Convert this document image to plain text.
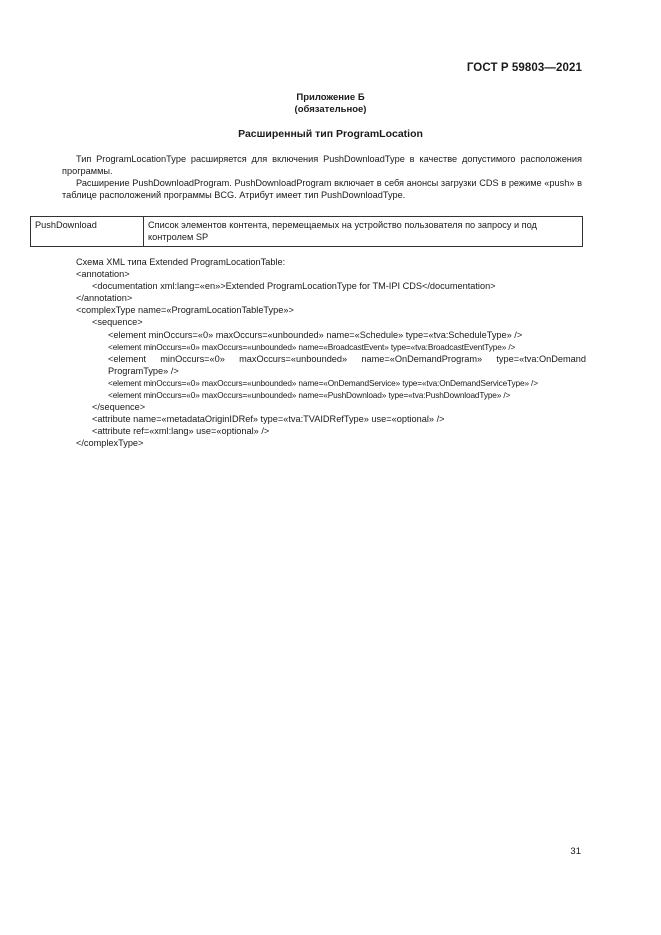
ГОСТ Р 59803—2021
Приложение Б
(обязательное)
Расширенный тип ProgramLocation
Тип ProgramLocationType расширяется для включения PushDownloadType в качестве допустимого расположения программы.
Расширение PushDownloadProgram. PushDownloadProgram включает в себя анонсы загрузки CDS в режиме «push» в таблице расположений программы BCG. Атрибут имеет тип PushDownloadType.
PushDownload	Список элементов контента, перемещаемых на устройство пользователя по запросу и под контролем SP
Схема XML типа Extended ProgramLocationTable:
<annotation>
<documentation xml:lang=«en»>Extended ProgramLocationType for TM-IPI CDS</documentation>
</annotation>
<complexType name=«ProgramLocationTableType»>
<sequence>
<element minOccurs=«0» maxOccurs=«unbounded» name=«Schedule» type=«tva:ScheduleType» />
<element minOccurs=«0» maxOccurs=«unbounded» name=«BroadcastEvent» type=«tva:BroadcastEventType» />
<element minOccurs=«0» maxOccurs=«unbounded» name=«OnDemandProgram» type=«tva:OnDemand
ProgramType» />
<element minOccurs=«0» maxOccurs=«unbounded» name=«OnDemandService» type=«tva:OnDemandServiceType» />
<element minOccurs=«0» maxOccurs=«unbounded» name=«PushDownload» type=«tva:PushDownloadType» />
</sequence>
<attribute name=«metadataOriginIDRef» type=«tva:TVAIDRefType» use=«optional» />
<attribute ref=«xml:lang» use=«optional» />
</complexType>
31
